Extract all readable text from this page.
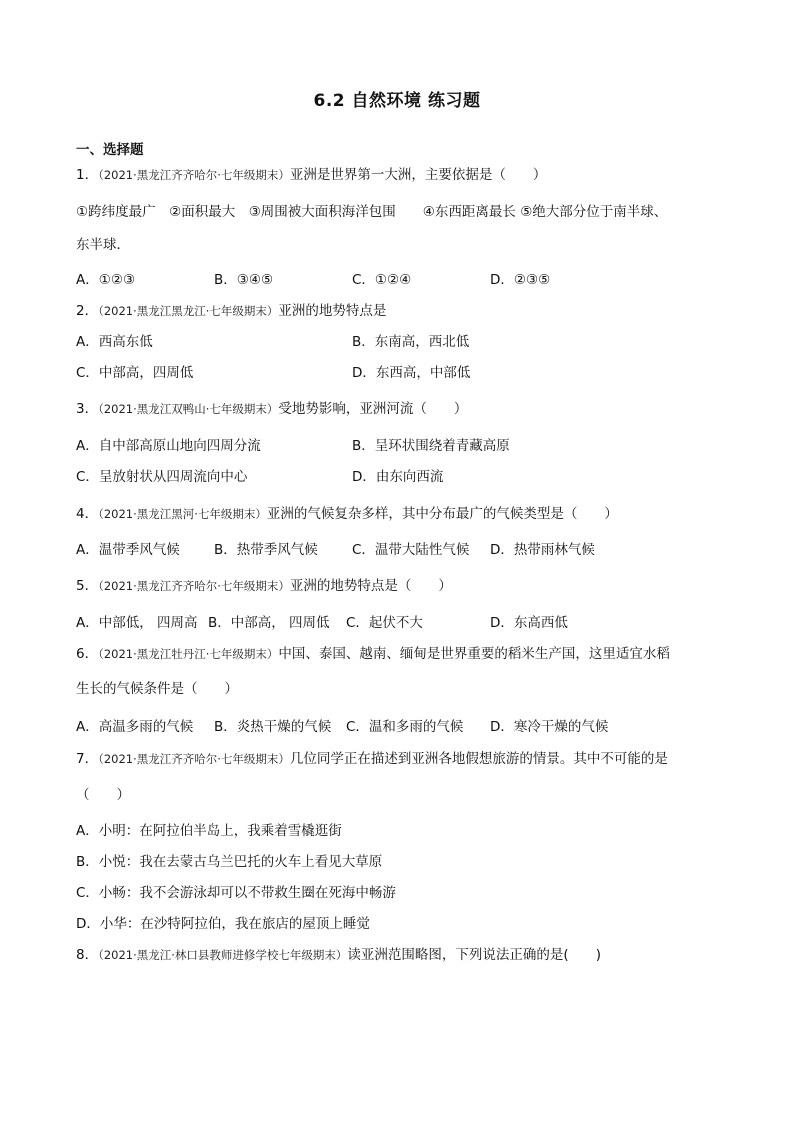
6.2 自然环境 练习题
一、选择题
1．（2021·黑龙江齐齐哈尔·七年级期末）亚洲是世界第一大洲，主要依据是（　　）
①跨纬度最广　②面积最大　③周围被大面积海洋包围　　④东西距离最长 ⑤绝大部分位于南半球、
东半球．
A．①②③	B．③④⑤	C．①②④	D．②③⑤
2．（2021·黑龙江黑龙江·七年级期末）亚洲的地势特点是
A．西高东低	B．东南高，西北低
C．中部高，四周低	D．东西高，中部低
3．（2021·黑龙江双鸭山·七年级期末）受地势影响，亚洲河流（　　）
A．自中部高原山地向四周分流	B．呈环状围绕着青藏高原
C．呈放射状从四周流向中心	D．由东向西流
4．（2021·黑龙江黑河·七年级期末）亚洲的气候复杂多样，其中分布最广的气候类型是（　　）
A．温带季风气候	B．热带季风气候	C．温带大陆性气候 D．热带雨林气候
5．（2021·黑龙江齐齐哈尔·七年级期末）亚洲的地势特点是（　　）
A．中部低， 四周高 B．中部高， 四周低 C．起伏不大	D．东高西低
6．（2021·黑龙江牡丹江·七年级期末）中国、泰国、越南、缅甸是世界重要的稻米生产国，这里适宜水稻
生长的气候条件是（　　）
A．高温多雨的气候 B．炎热干燥的气候 C．温和多雨的气候 D．寒冷干燥的气候
7．（2021·黑龙江齐齐哈尔·七年级期末）几位同学正在描述到亚洲各地假想旅游的情景。其中不可能的是
（　　）
A．小明：在阿拉伯半岛上，我乘着雪橇逛街
B．小悦：我在去蒙古乌兰巴托的火车上看见大草原
C．小畅：我不会游泳却可以不带救生圈在死海中畅游
D．小华：在沙特阿拉伯，我在旅店的屋顶上睡觉
8．（2021·黑龙江·林口县教师进修学校七年级期末）读亚洲范围略图，下列说法正确的是(　　)
